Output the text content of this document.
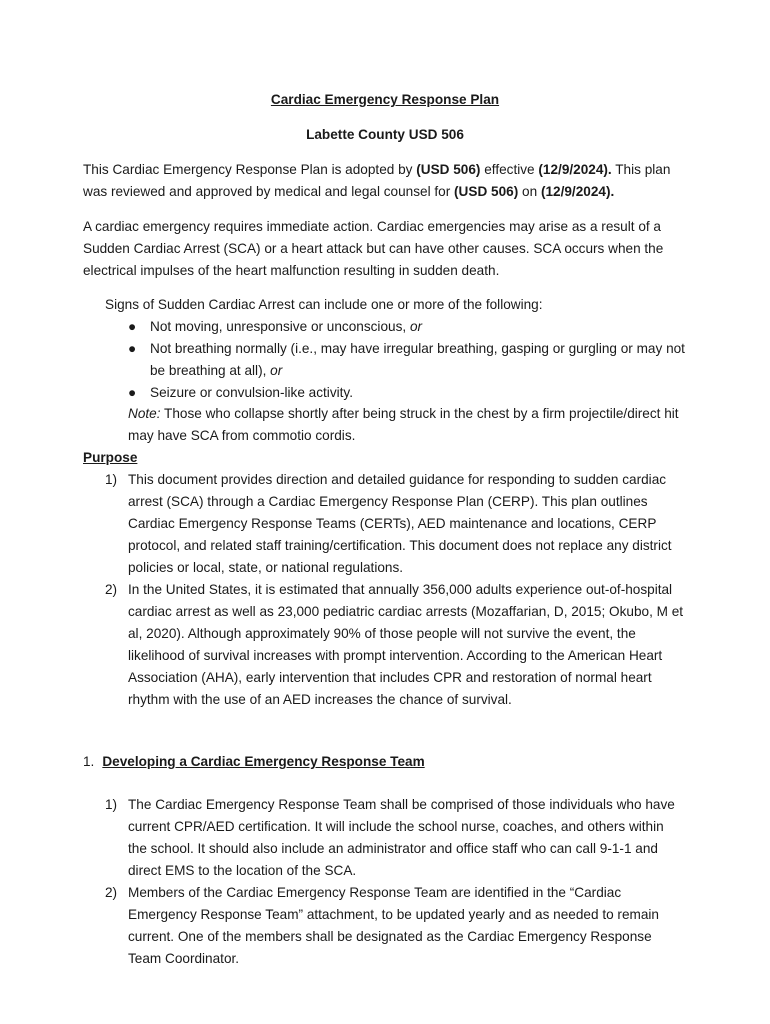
Cardiac Emergency Response Plan
Labette County USD 506

This Cardiac Emergency Response Plan is adopted by (USD 506) effective (12/9/2024). This plan was reviewed and approved by medical and legal counsel for (USD 506) on (12/9/2024).

A cardiac emergency requires immediate action. Cardiac emergencies may arise as a result of a Sudden Cardiac Arrest (SCA) or a heart attack but can have other causes. SCA occurs when the electrical impulses of the heart malfunction resulting in sudden death.

Signs of Sudden Cardiac Arrest can include one or more of the following:
● Not moving, unresponsive or unconscious, or
● Not breathing normally (i.e., may have irregular breathing, gasping or gurgling or may not be breathing at all), or
● Seizure or convulsion-like activity.
Note: Those who collapse shortly after being struck in the chest by a firm projectile/direct hit may have SCA from commotio cordis.
Purpose
1) This document provides direction and detailed guidance for responding to sudden cardiac arrest (SCA) through a Cardiac Emergency Response Plan (CERP). This plan outlines Cardiac Emergency Response Teams (CERTs), AED maintenance and locations, CERP protocol, and related staff training/certification. This document does not replace any district policies or local, state, or national regulations.
2) In the United States, it is estimated that annually 356,000 adults experience out-of-hospital cardiac arrest as well as 23,000 pediatric cardiac arrests (Mozaffarian, D, 2015; Okubo, M et al, 2020). Although approximately 90% of those people will not survive the event, the likelihood of survival increases with prompt intervention. According to the American Heart Association (AHA), early intervention that includes CPR and restoration of normal heart rhythm with the use of an AED increases the chance of survival.
1. Developing a Cardiac Emergency Response Team
1) The Cardiac Emergency Response Team shall be comprised of those individuals who have current CPR/AED certification. It will include the school nurse, coaches, and others within the school. It should also include an administrator and office staff who can call 9-1-1 and direct EMS to the location of the SCA.
2) Members of the Cardiac Emergency Response Team are identified in the “Cardiac Emergency Response Team” attachment, to be updated yearly and as needed to remain current. One of the members shall be designated as the Cardiac Emergency Response Team Coordinator.
